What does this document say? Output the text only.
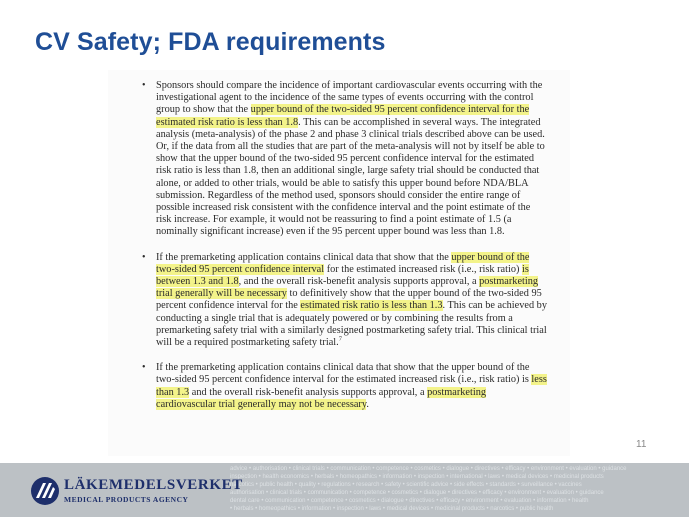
CV Safety; FDA requirements
• Sponsors should compare the incidence of important cardiovascular events occurring with the investigational agent to the incidence of the same types of events occurring with the control group to show that the upper bound of the two-sided 95 percent confidence interval for the estimated risk ratio is less than 1.8. This can be accomplished in several ways. The integrated analysis (meta-analysis) of the phase 2 and phase 3 clinical trials described above can be used. Or, if the data from all the studies that are part of the meta-analysis will not by itself be able to show that the upper bound of the two-sided 95 percent confidence interval for the estimated risk ratio is less than 1.8, then an additional single, large safety trial should be conducted that alone, or added to other trials, would be able to satisfy this upper bound before NDA/BLA submission. Regardless of the method used, sponsors should consider the entire range of possible increased risk consistent with the confidence interval and the point estimate of the risk increase. For example, it would not be reassuring to find a point estimate of 1.5 (a nominally significant increase) even if the 95 percent upper bound was less than 1.8.
• If the premarketing application contains clinical data that show that the upper bound of the two-sided 95 percent confidence interval for the estimated increased risk (i.e., risk ratio) is between 1.3 and 1.8, and the overall risk-benefit analysis supports approval, a postmarketing trial generally will be necessary to definitively show that the upper bound of the two-sided 95 percent confidence interval for the estimated risk ratio is less than 1.3. This can be achieved by conducting a single trial that is adequately powered or by combining the results from a premarketing safety trial with a similarly designed postmarketing safety trial. This clinical trial will be a required postmarketing safety trial.$^7$
• If the premarketing application contains clinical data that show that the upper bound of the two-sided 95 percent confidence interval for the estimated increased risk (i.e., risk ratio) is less than 1.3 and the overall risk-benefit analysis supports approval, a postmarketing cardiovascular trial generally may not be necessary.
11
advice • authorisation • clinical trials • communication • competence • cosmetics • dialogue • directives • efficacy • environment • evaluation • guidance
inspection • health economics • herbals • homeopathics • information • inspection • international • laws • medical devices • medicinal products
narcotics • public health • quality • regulations • research • safety • scientific advice • side effects • standards • surveillance • vaccines
authorisation • clinical trials • communication • competence • cosmetics • dialogue • directives • efficacy • environment • evaluation • guidance
dental care • communication • competence • cosmetics • dialogue • directives • efficacy • environment • evaluation • information • health
• herbals • homeopathics • information • inspection • laws • medical devices • medicinal products • narcotics • public health
LÄKEMEDELSVERKET
MEDICAL PRODUCTS AGENCY
